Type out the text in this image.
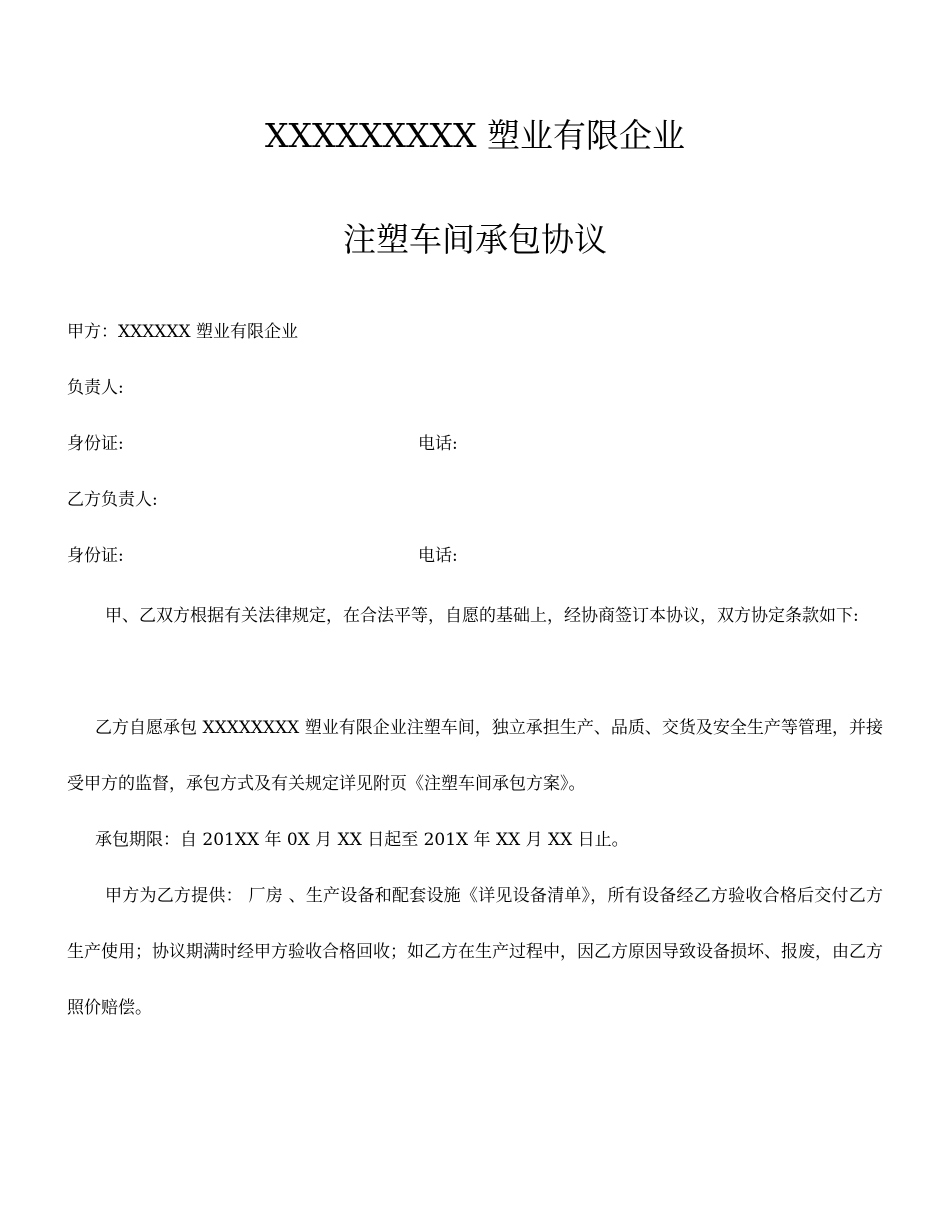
XXXXXXXXX 塑业有限企业
注塑车间承包协议
甲方：XXXXXX 塑业有限企业
负责人:
身份证:	电话:
乙方负责人:
身份证:	电话:
甲、乙双方根据有关法律规定，在合法平等，自愿的基础上，经协商签订本协议，双方协定条款如下:
乙方自愿承包 XXXXXXXX 塑业有限企业注塑车间，独立承担生产、品质、交货及安全生产等管理，并接受甲方的监督，承包方式及有关规定详见附页《注塑车间承包方案》。
承包期限：自 201XX 年 0X 月 XX 日起至 201X 年 XX 月 XX 日止。
甲方为乙方提供： 厂房 、生产设备和配套设施《详见设备清单》，所有设备经乙方验收合格后交付乙方生产使用；协议期满时经甲方验收合格回收；如乙方在生产过程中，因乙方原因导致设备损坏、报废，由乙方照价赔偿。
